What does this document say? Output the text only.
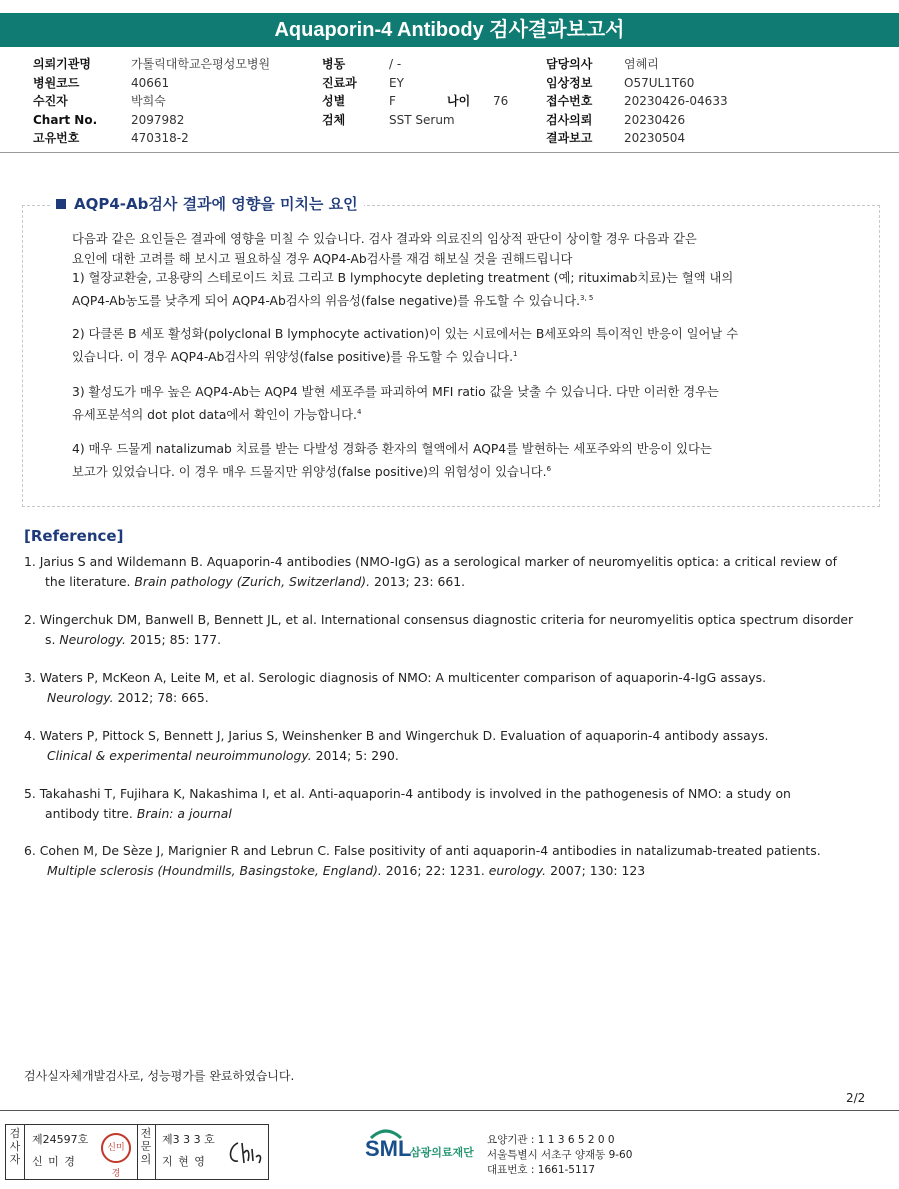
Aquaporin-4 Antibody 검사결과보고서
의뢰기관명	가톨릭대학교은평성모병원
병원코드	40661
수진자	박희숙
Chart No.	2097982
고유번호	470318-2
병동	/ -
진료과	EY
성별	F	나이	76
검체	SST Serum
담당의사	염혜리
임상정보	O57UL1T60
접수번호	20230426-04633
검사의뢰	20230426
결과보고	20230504
AQP4-Ab검사 결과에 영향을 미치는 요인
다음과 같은 요인들은 결과에 영향을 미칠 수 있습니다. 검사 결과와 의료진의 임상적 판단이 상이할 경우 다음과 같은
요인에 대한 고려를 해 보시고 필요하실 경우 AQP4-Ab검사를 재검 해보실 것을 권해드립니다
1) 혈장교환술, 고용량의 스테로이드 치료 그리고 B lymphocyte depleting treatment (예; rituximab치료)는 혈액 내의
AQP4-Ab농도를 낮추게 되어 AQP4-Ab검사의 위음성(false negative)를 유도할 수 있습니다.$^{3, 5}$
2) 다클론 B 세포 활성화(polyclonal B lymphocyte activation)이 있는 시료에서는 B세포와의 특이적인 반응이 일어날 수
있습니다. 이 경우 AQP4-Ab검사의 위양성(false positive)를 유도할 수 있습니다.$^1$
3) 활성도가 매우 높은 AQP4-Ab는 AQP4 발현 세포주를 파괴하여 MFI ratio 값을 낮출 수 있습니다. 다만 이러한 경우는
유세포분석의 dot plot data에서 확인이 가능합니다.$^4$
4) 매우 드물게 natalizumab 치료를 받는 다발성 경화증 환자의 혈액에서 AQP4를 발현하는 세포주와의 반응이 있다는
보고가 있었습니다. 이 경우 매우 드물지만 위양성(false positive)의 위험성이 있습니다.$^6$
[Reference]
1. Jarius S and Wildemann B. Aquaporin-4 antibodies (NMO-IgG) as a serological marker of neuromyelitis optica: a critical review of
the literature. Brain pathology (Zurich, Switzerland). 2013; 23: 661.
2. Wingerchuk DM, Banwell B, Bennett JL, et al. International consensus diagnostic criteria for neuromyelitis optica spectrum disorder
s. Neurology. 2015; 85: 177.
3. Waters P, McKeon A, Leite M, et al. Serologic diagnosis of NMO: A multicenter comparison of aquaporin-4-IgG assays.
Neurology. 2012; 78: 665.
4. Waters P, Pittock S, Bennett J, Jarius S, Weinshenker B and Wingerchuk D. Evaluation of aquaporin-4 antibody assays.
Clinical & experimental neuroimmunology. 2014; 5: 290.
5. Takahashi T, Fujihara K, Nakashima I, et al. Anti-aquaporin-4 antibody is involved in the pathogenesis of NMO: a study on
antibody titre. Brain: a journal
6. Cohen M, De Sèze J, Marignier R and Lebrun C. False positivity of anti aquaporin-4 antibodies in natalizumab-treated patients.
Multiple sclerosis (Houndmills, Basingstoke, England). 2016; 22: 1231. eurology. 2007; 130: 123
검사실자체개발검사로, 성능평가를 완료하였습니다.
2/2
검사자
제24597호
신 미 경
신미경
전문의
제3 3 3 호
지 현 영
SML
삼광의료재단
요양기관 : 1 1 3 6 5 2 0 0
서울특별시 서초구 양재동 9-60
대표번호 : 1661-5117
